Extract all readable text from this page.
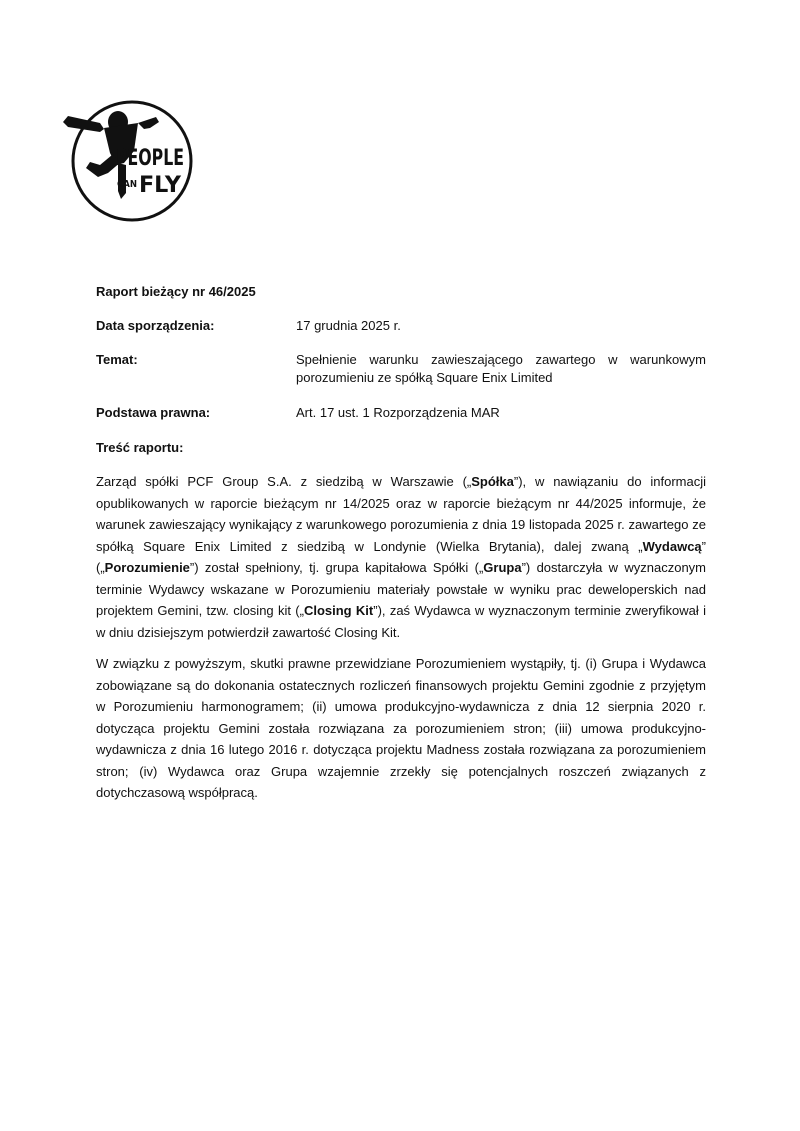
PEOPLE
CAN FLY
Raport bieżący nr 46/2025
Data sporządzenia:	17 grudnia 2025 r.
Temat:	Spełnienie warunku zawieszającego zawartego w warunkowym porozumieniu ze spółką Square Enix Limited
Podstawa prawna:	Art. 17 ust. 1 Rozporządzenia MAR
Treść raportu:

Zarząd spółki PCF Group S.A. z siedzibą w Warszawie („Spółka”), w nawiązaniu do informacji opublikowanych w raporcie bieżącym nr 14/2025 oraz w raporcie bieżącym nr 44/2025 informuje, że warunek zawieszający wynikający z warunkowego porozumienia z dnia 19 listopada 2025 r. zawartego ze spółką Square Enix Limited z siedzibą w Londynie (Wielka Brytania), dalej zwaną „Wydawcą” („Porozumienie”) został spełniony, tj. grupa kapitałowa Spółki („Grupa”) dostarczyła w wyznaczonym terminie Wydawcy wskazane w Porozumieniu materiały powstałe w wyniku prac deweloperskich nad projektem Gemini, tzw. closing kit („Closing Kit”), zaś Wydawca w wyznaczonym terminie zweryfikował i w dniu dzisiejszym potwierdził zawartość Closing Kit.

W związku z powyższym, skutki prawne przewidziane Porozumieniem wystąpiły, tj. (i) Grupa i Wydawca zobowiązane są do dokonania ostatecznych rozliczeń finansowych projektu Gemini zgodnie z przyjętym w Porozumieniu harmonogramem; (ii) umowa produkcyjno-wydawnicza z dnia 12 sierpnia 2020 r. dotycząca projektu Gemini została rozwiązana za porozumieniem stron; (iii) umowa produkcyjno-wydawnicza z dnia 16 lutego 2016 r. dotycząca projektu Madness została rozwiązana za porozumieniem stron; (iv) Wydawca oraz Grupa wzajemnie zrzekły się potencjalnych roszczeń związanych z dotychczasową współpracą.
